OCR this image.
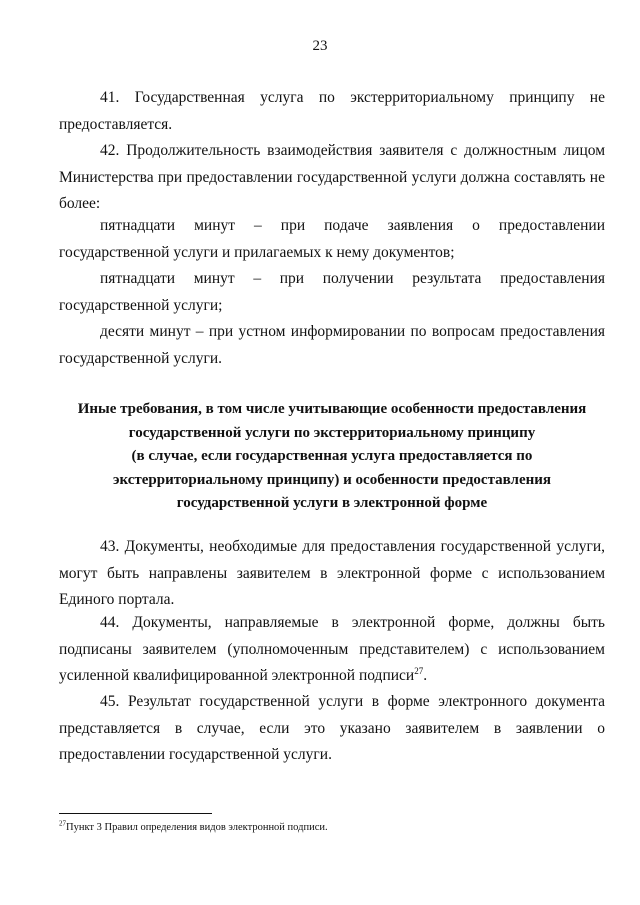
23

41. Государственная услуга по экстерриториальному принципу не предоставляется.

42. Продолжительность взаимодействия заявителя с должностным лицом Министерства при предоставлении государственной услуги должна составлять не более:

пятнадцати минут – при подаче заявления о предоставлении государственной услуги и прилагаемых к нему документов;

пятнадцати минут – при получении результата предоставления государственной услуги;

десяти минут – при устном информировании по вопросам предоставления государственной услуги.

Иные требования, в том числе учитывающие особенности предоставления
государственной услуги по экстерриториальному принципу
(в случае, если государственная услуга предоставляется по
экстерриториальному принципу) и особенности предоставления
государственной услуги в электронной форме

43. Документы, необходимые для предоставления государственной услуги, могут быть направлены заявителем в электронной форме с использованием Единого портала.

44. Документы, направляемые в электронной форме, должны быть подписаны заявителем (уполномоченным представителем) с использованием усиленной квалифицированной электронной подписи$^{27}$.

45. Результат государственной услуги в форме электронного документа представляется в случае, если это указано заявителем в заявлении о предоставлении государственной услуги.

$^{27}$Пункт 3 Правил определения видов электронной подписи.
